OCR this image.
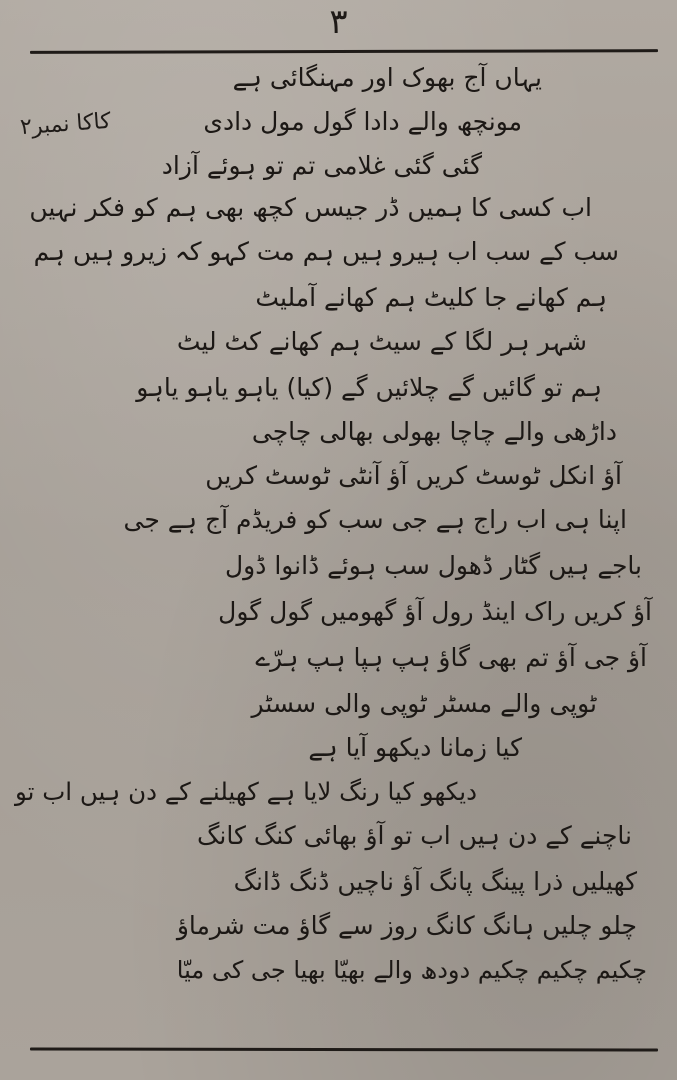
۳
کاکا نمبر۲
یہاں آج بھوک اور مہنگائی ہے
مونچھ والے دادا گول مول دادی
گئی گئی غلامی تم تو ہوئے آزاد
اب کسی کا ہمیں ڈر جیسں کچھ بھی ہم کو فکر نہیں
سب کے سب اب ہیرو ہیں ہم مت کہو کہ زیرو ہیں ہم
ہم کھانے جا کلیٹ ہم کھانے آملیٹ
شہر ہر لگا کے سیٹ ہم کھانے کٹ لیٹ
ہم تو گائیں گے چلائیں گے (کیا) یاہو یاہو یاہو
داڑھی والے چاچا بھولی بھالی چاچی
آؤ انکل ٹوسٹ کریں آؤ آنٹی ٹوسٹ کریں
اپنا ہی اب راج ہے جی سب کو فریڈم آج ہے جی
باجے ہیں گٹار ڈھول سب ہوئے ڈانوا ڈول
آؤ کریں راک اینڈ رول آؤ گھومیں گول گول
آؤ جی آؤ تم بھی گاؤ ہپ ہپا ہپ ہرّے
ٹوپی والے مسٹر ٹوپی والی سسٹر
کیا زمانا دیکھو آیا ہے
دیکھو کیا رنگ لایا ہے کھیلنے کے دن ہیں اب تو
ناچنے کے دن ہیں اب تو آؤ بھائی کنگ کانگ
کھیلیں ذرا پینگ پانگ آؤ ناچیں ڈنگ ڈانگ
چلو چلیں ہانگ کانگ روز سے گاؤ مت شرماؤ
چکیم چکیم چکیم دودھ والے بھیّا بھیا جی کی میّا
